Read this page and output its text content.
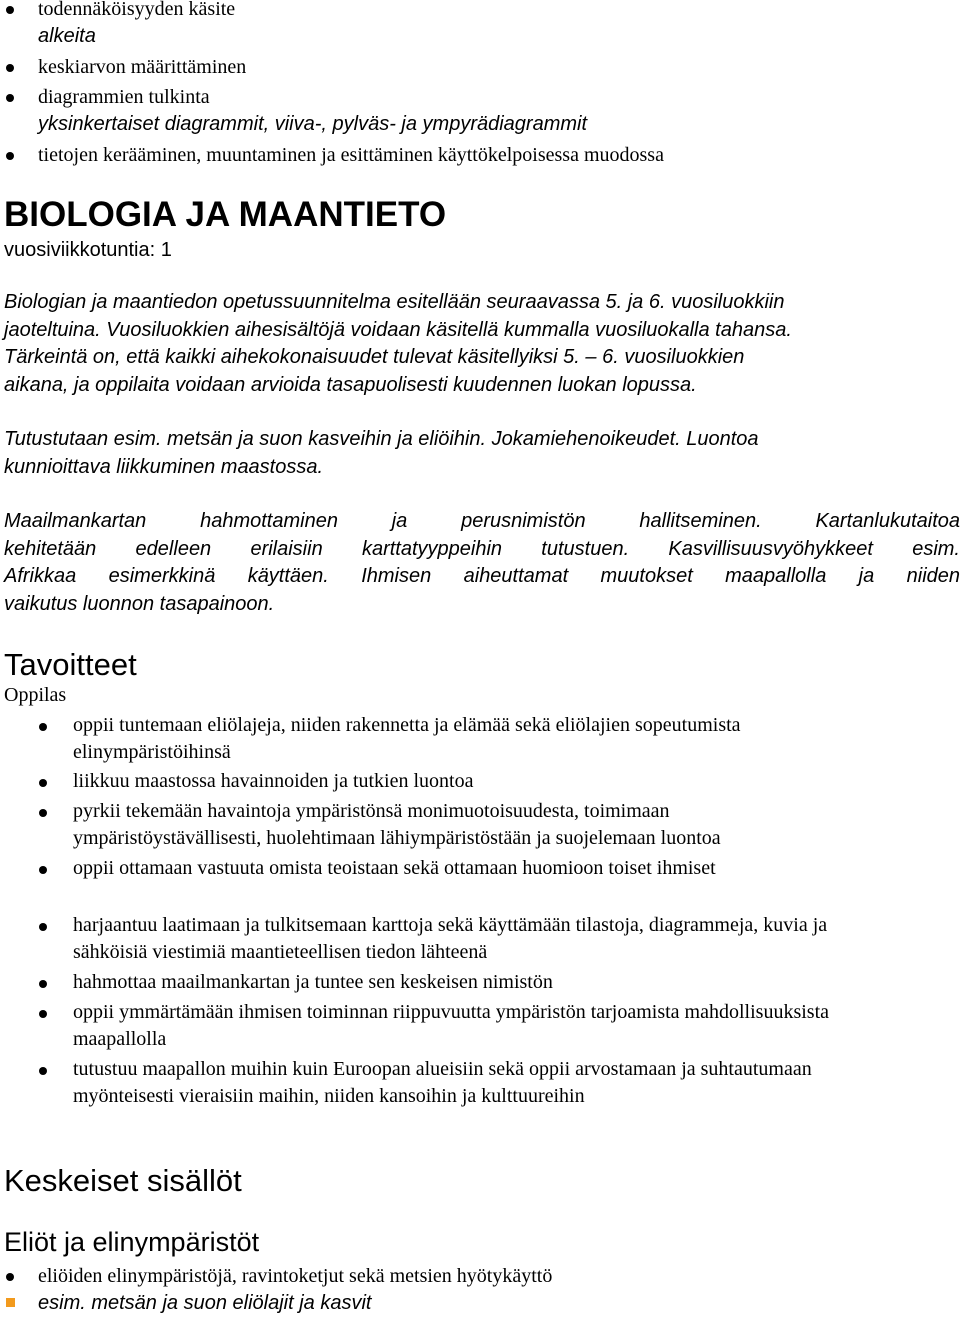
todennäköisyyden käsite
alkeita
keskiarvon määrittäminen
diagrammien tulkinta
yksinkertaiset diagrammit, viiva-, pylväs- ja ympyrädiagrammit
tietojen kerääminen, muuntaminen ja esittäminen käyttökelpoisessa muodossa
BIOLOGIA JA MAANTIETO
vuosiviikkotuntia: 1
Biologian ja maantiedon opetussuunnitelma esitellään seuraavassa 5. ja 6. vuosiluokkiin
jaoteltuina. Vuosiluokkien aihesisältöjä voidaan käsitellä kummalla vuosiluokalla tahansa.
Tärkeintä on, että kaikki aihekokonaisuudet tulevat käsitellyiksi 5. – 6. vuosiluokkien
aikana, ja oppilaita voidaan arvioida tasapuolisesti kuudennen luokan lopussa.
Tutustutaan esim. metsän ja suon kasveihin ja eliöihin. Jokamiehenoikeudet. Luontoa
kunnioittava liikkuminen maastossa.
Maailmankartan hahmottaminen ja perusnimistön hallitseminen. Kartanlukutaitoa
kehitetään edelleen erilaisiin karttatyyppeihin tutustuen. Kasvillisuusvyöhykkeet esim.
Afrikkaa esimerkkinä käyttäen. Ihmisen aiheuttamat muutokset maapallolla ja niiden
vaikutus luonnon tasapainoon.
Tavoitteet
Oppilas
oppii tuntemaan eliölajeja, niiden rakennetta ja elämää sekä eliölajien sopeutumista
elinympäristöihinsä
liikkuu maastossa havainnoiden ja tutkien luontoa
pyrkii tekemään havaintoja ympäristönsä monimuotoisuudesta, toimimaan
ympäristöystävällisesti, huolehtimaan lähiympäristöstään ja suojelemaan luontoa
oppii ottamaan vastuuta omista teoistaan sekä ottamaan huomioon toiset ihmiset
harjaantuu laatimaan ja tulkitsemaan karttoja sekä käyttämään tilastoja, diagrammeja, kuvia ja
sähköisiä viestimiä maantieteellisen tiedon lähteenä
hahmottaa maailmankartan ja tuntee sen keskeisen nimistön
oppii ymmärtämään ihmisen toiminnan riippuvuutta ympäristön tarjoamista mahdollisuuksista
maapallolla
tutustuu maapallon muihin kuin Euroopan alueisiin sekä oppii arvostamaan ja suhtautumaan
myönteisesti vieraisiin maihin, niiden kansoihin ja kulttuureihin
Keskeiset sisällöt
Eliöt ja elinympäristöt
eliöiden elinympäristöjä, ravintoketjut sekä metsien hyötykäyttö
esim. metsän ja suon eliölajit ja kasvit
